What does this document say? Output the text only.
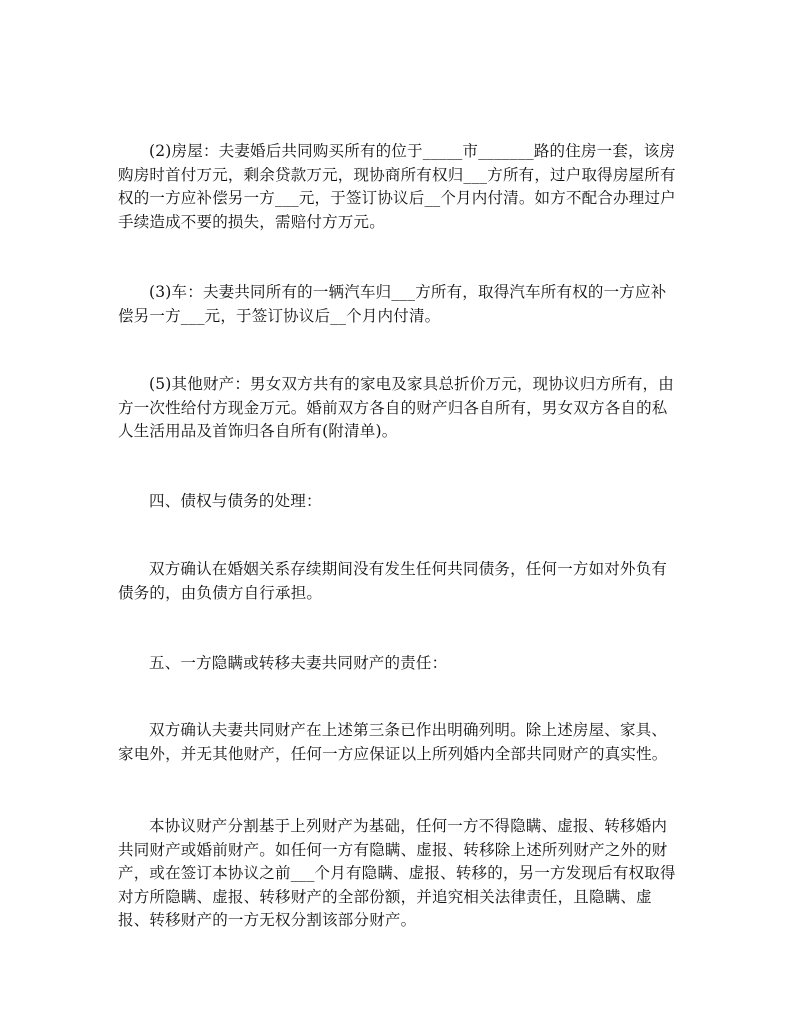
(2)房屋：夫妻婚后共同购买所有的位于_____市_______路的住房一套，该房购房时首付万元，剩余贷款万元，现协商所有权归___方所有，过户取得房屋所有权的一方应补偿另一方___元，于签订协议后__个月内付清。如方不配合办理过户手续造成不要的损失，需赔付方万元。

(3)车：夫妻共同所有的一辆汽车归___方所有，取得汽车所有权的一方应补偿另一方___元，于签订协议后__个月内付清。

(5)其他财产：男女双方共有的家电及家具总折价万元，现协议归方所有，由方一次性给付方现金万元。婚前双方各自的财产归各自所有，男女双方各自的私人生活用品及首饰归各自所有(附清单)。

四、债权与债务的处理：

双方确认在婚姻关系存续期间没有发生任何共同债务，任何一方如对外负有债务的，由负债方自行承担。

五、一方隐瞒或转移夫妻共同财产的责任：

双方确认夫妻共同财产在上述第三条已作出明确列明。除上述房屋、家具、家电外，并无其他财产，任何一方应保证以上所列婚内全部共同财产的真实性。

本协议财产分割基于上列财产为基础，任何一方不得隐瞒、虚报、转移婚内共同财产或婚前财产。如任何一方有隐瞒、虚报、转移除上述所列财产之外的财产，或在签订本协议之前___个月有隐瞒、虚报、转移的，另一方发现后有权取得对方所隐瞒、虚报、转移财产的全部份额，并追究相关法律责任，且隐瞒、虚报、转移财产的一方无权分割该部分财产。
